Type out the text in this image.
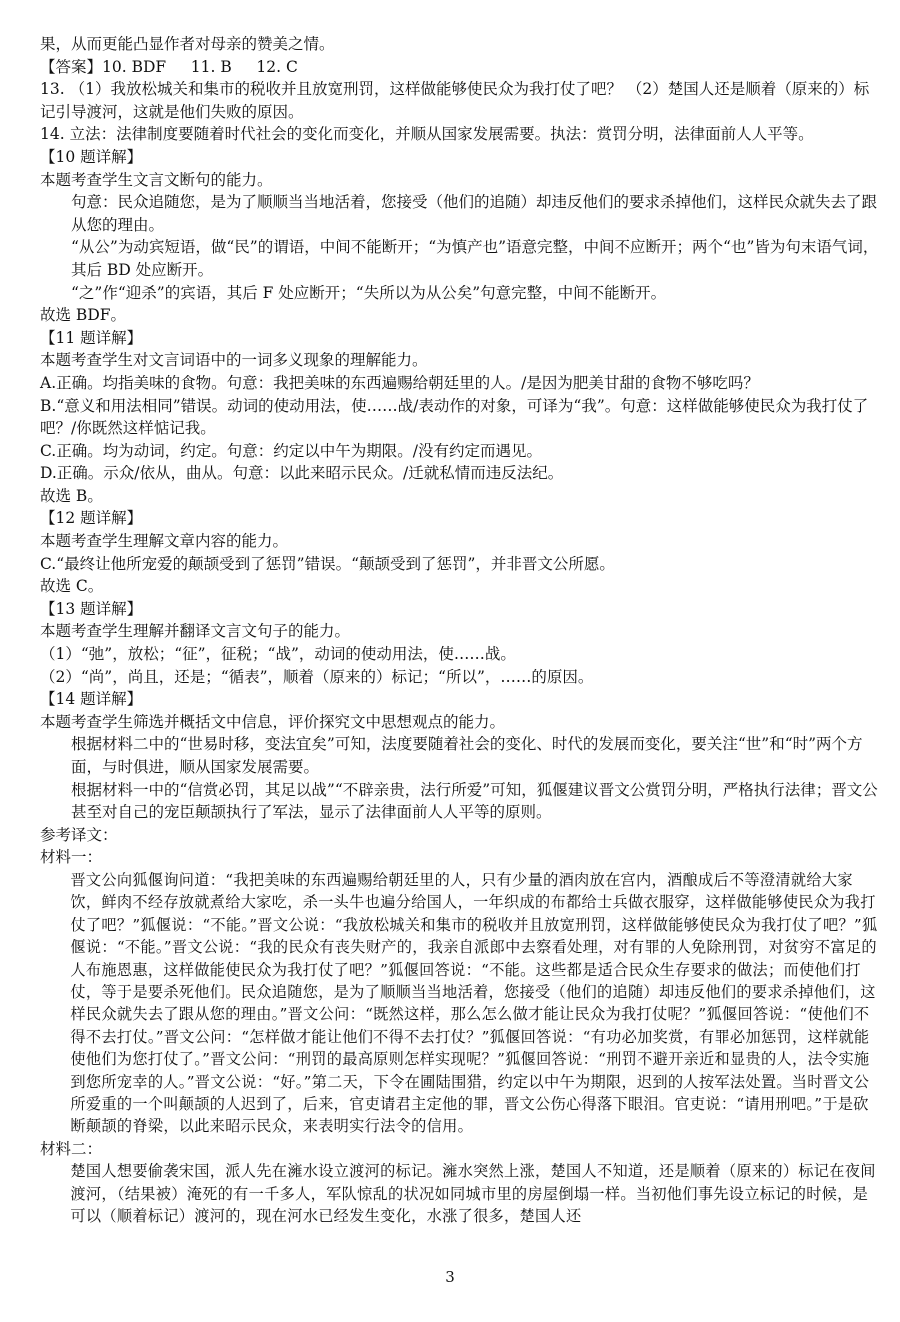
果，从而更能凸显作者对母亲的赞美之情。

【答案】10. BDF     11. B     12. C

13. （1）我放松城关和集市的税收并且放宽刑罚，这样做能够使民众为我打仗了吧？ （2）楚国人还是顺着（原来的）标记引导渡河，这就是他们失败的原因。

14. 立法：法律制度要随着时代社会的变化而变化，并顺从国家发展需要。执法：赏罚分明，法律面前人人平等。

【10 题详解】

本题考查学生文言文断句的能力。

句意：民众追随您，是为了顺顺当当地活着，您接受（他们的追随）却违反他们的要求杀掉他们，这样民众就失去了跟从您的理由。

“从公”为动宾短语，做“民”的谓语，中间不能断开；“为慎产也”语意完整，中间不应断开；两个“也”皆为句末语气词，其后 BD 处应断开。

“之”作“迎杀”的宾语，其后 F 处应断开；“失所以为从公矣”句意完整，中间不能断开。

故选 BDF。

【11 题详解】

本题考查学生对文言词语中的一词多义现象的理解能力。

A.正确。均指美味的食物。句意：我把美味的东西遍赐给朝廷里的人。/是因为肥美甘甜的食物不够吃吗？

B.“意义和用法相同”错误。动词的使动用法，使……战/表动作的对象，可译为“我”。句意：这样做能够使民众为我打仗了吧？/你既然这样惦记我。

C.正确。均为动词，约定。句意：约定以中午为期限。/没有约定而遇见。

D.正确。示众/依从，曲从。句意：以此来昭示民众。/迁就私情而违反法纪。

故选 B。

【12 题详解】

本题考查学生理解文章内容的能力。

C.“最终让他所宠爱的颠颉受到了惩罚”错误。“颠颉受到了惩罚”，并非晋文公所愿。

故选 C。

【13 题详解】

本题考查学生理解并翻译文言文句子的能力。

（1）“弛”，放松；“征”，征税；“战”，动词的使动用法，使……战。

（2）“尚”，尚且，还是；“循表”，顺着（原来的）标记；“所以”，……的原因。

【14 题详解】

本题考查学生筛选并概括文中信息，评价探究文中思想观点的能力。

根据材料二中的“世易时移，变法宜矣”可知，法度要随着社会的变化、时代的发展而变化，要关注“世”和“时”两个方面，与时俱进，顺从国家发展需要。

根据材料一中的“信赏必罚，其足以战”“不辟亲贵，法行所爱”可知，狐偃建议晋文公赏罚分明，严格执行法律；晋文公甚至对自己的宠臣颠颉执行了军法，显示了法律面前人人平等的原则。

参考译文：

材料一：

晋文公向狐偃询问道：“我把美味的东西遍赐给朝廷里的人，只有少量的酒肉放在宫内，酒酿成后不等澄清就给大家饮，鲜肉不经存放就煮给大家吃，杀一头牛也遍分给国人，一年织成的布都给士兵做衣服穿，这样做能够使民众为我打仗了吧？”狐偃说：“不能。”晋文公说：“我放松城关和集市的税收并且放宽刑罚，这样做能够使民众为我打仗了吧？”狐偃说：“不能。”晋文公说：“我的民众有丧失财产的，我亲自派郎中去察看处理，对有罪的人免除刑罚，对贫穷不富足的人布施恩惠，这样做能使民众为我打仗了吧？”狐偃回答说：“不能。这些都是适合民众生存要求的做法；而使他们打仗，等于是要杀死他们。民众追随您，是为了顺顺当当地活着，您接受（他们的追随）却违反他们的要求杀掉他们，这样民众就失去了跟从您的理由。”晋文公问：“既然这样，那么怎么做才能让民众为我打仗呢？”狐偃回答说：“使他们不得不去打仗。”晋文公问：“怎样做才能让他们不得不去打仗？”狐偃回答说：“有功必加奖赏，有罪必加惩罚，这样就能使他们为您打仗了。”晋文公问：“刑罚的最高原则怎样实现呢？”狐偃回答说：“刑罚不避开亲近和显贵的人，法令实施到您所宠幸的人。”晋文公说：“好。”第二天，下令在圃陆围猎，约定以中午为期限，迟到的人按军法处置。当时晋文公所爱重的一个叫颠颉的人迟到了，后来，官吏请君主定他的罪，晋文公伤心得落下眼泪。官吏说：“请用刑吧。”于是砍断颠颉的脊梁，以此来昭示民众，来表明实行法令的信用。

材料二：

楚国人想要偷袭宋国，派人先在澭水设立渡河的标记。澭水突然上涨，楚国人不知道，还是顺着（原来的）标记在夜间渡河，（结果被）淹死的有一千多人，军队惊乱的状况如同城市里的房屋倒塌一样。当初他们事先设立标记的时候，是可以（顺着标记）渡河的，现在河水已经发生变化，水涨了很多，楚国人还

3
